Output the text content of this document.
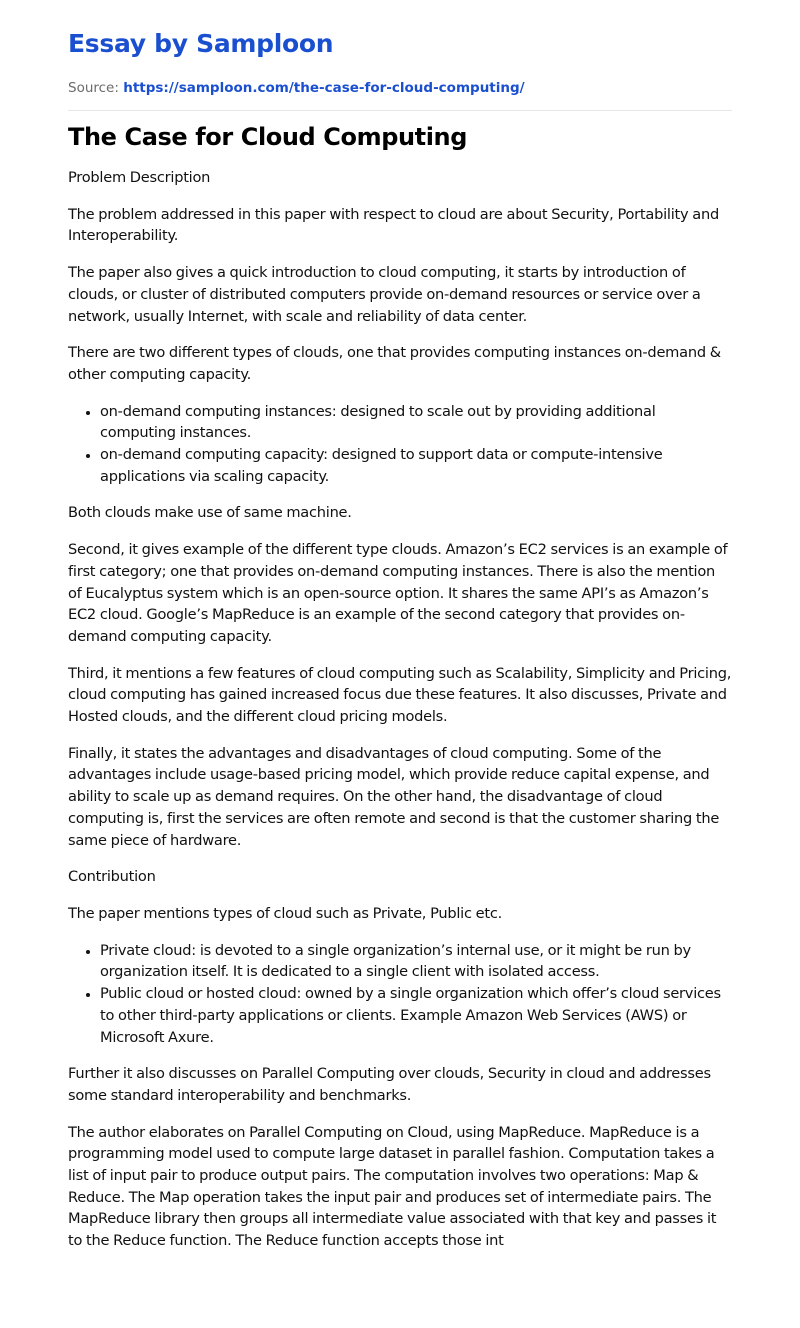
Essay by Samploon
Source: https://samploon.com/the-case-for-cloud-computing/
The Case for Cloud Computing

Problem Description

The problem addressed in this paper with respect to cloud are about Security, Portability and Interoperability.

The paper also gives a quick introduction to cloud computing, it starts by introduction of clouds, or cluster of distributed computers provide on-demand resources or service over a network, usually Internet, with scale and reliability of data center.

There are two different types of clouds, one that provides computing instances on-demand & other computing capacity.

• on-demand computing instances: designed to scale out by providing additional computing instances.
• on-demand computing capacity: designed to support data or compute-intensive applications via scaling capacity.

Both clouds make use of same machine.

Second, it gives example of the different type clouds. Amazon’s EC2 services is an example of first category; one that provides on-demand computing instances. There is also the mention of Eucalyptus system which is an open-source option. It shares the same API’s as Amazon’s EC2 cloud. Google’s MapReduce is an example of the second category that provides on-demand computing capacity.

Third, it mentions a few features of cloud computing such as Scalability, Simplicity and Pricing, cloud computing has gained increased focus due these features. It also discusses, Private and Hosted clouds, and the different cloud pricing models.

Finally, it states the advantages and disadvantages of cloud computing. Some of the advantages include usage-based pricing model, which provide reduce capital expense, and ability to scale up as demand requires. On the other hand, the disadvantage of cloud computing is, first the services are often remote and second is that the customer sharing the same piece of hardware.

Contribution

The paper mentions types of cloud such as Private, Public etc.

• Private cloud: is devoted to a single organization’s internal use, or it might be run by organization itself. It is dedicated to a single client with isolated access.
• Public cloud or hosted cloud: owned by a single organization which offer’s cloud services to other third-party applications or clients. Example Amazon Web Services (AWS) or Microsoft Axure.

Further it also discusses on Parallel Computing over clouds, Security in cloud and addresses some standard interoperability and benchmarks.

The author elaborates on Parallel Computing on Cloud, using MapReduce. MapReduce is a programming model used to compute large dataset in parallel fashion. Computation takes a list of input pair to produce output pairs. The computation involves two operations: Map & Reduce. The Map operation takes the input pair and produces set of intermediate pairs. The MapReduce library then groups all intermediate value associated with that key and passes it to the Reduce function. The Reduce function accepts those int
